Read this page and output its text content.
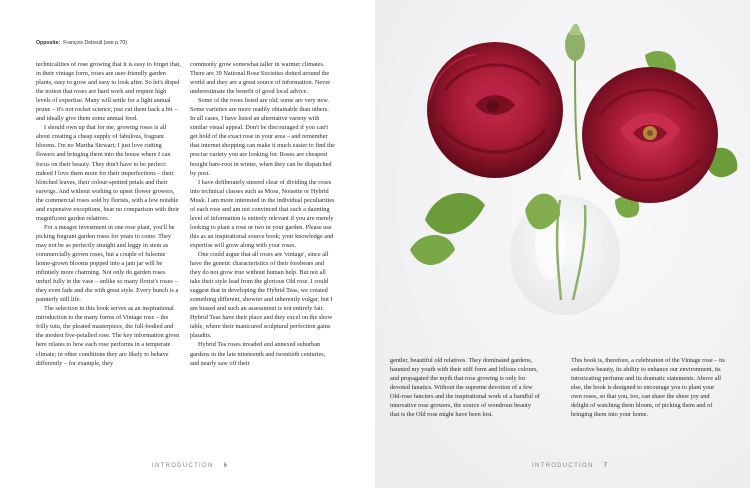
Opposite: François Debeuil (see p.70)

technicalities of rose growing that it is easy to forget that, in their vintage form, roses are user-friendly garden plants, easy to grow and easy to look after. So let's dispel the notion that roses are hard work and require high levels of expertise. Many will settle for a light annual prune – it's not rocket science, just cut them back a bit – and ideally give them some annual feed.

I should own up that for me, growing roses is all about creating a cheap supply of fabulous, fragrant blooms. I'm no Martha Stewart; I just love cutting flowers and bringing them into the house where I can focus on their beauty. They don't have to be perfect: indeed I love them more for their imperfections – their blotched leaves, their colour-spotted petals and their earwigs. And without wishing to upset flower growers, the commercial roses sold by florists, with a few notable and expensive exceptions, bear no comparison with their magnificent garden relatives.

For a meagre investment in one rose plant, you'll be picking fragrant garden roses for years to come. They may not be as perfectly straight and leggy in stem as commercially grown roses, but a couple of fulsome home-grown blooms popped into a jam jar will be infinitely more charming. Not only do garden roses unfurl fully in the vase – unlike so many florist's roses – they even fade and die with great style. Every bunch is a painterly still life.

The selection in this book serves as an inspirational introduction to the many forms of Vintage rose – the frilly tutu, the pleated masterpiece, the full-bodied and the modest five-petalled rose. The key information given here relates to how each rose performs in a temperate climate; in other conditions they are likely to behave differently – for example, they

commonly grow somewhat taller in warmer climates. There are 39 National Rose Societies dotted around the world and they are a great source of information. Never underestimate the benefit of good local advice.

Some of the roses listed are old; some are very new. Some varieties are more readily obtainable than others. In all cases, I have listed an alternative variety with similar visual appeal. Don't be discouraged if you can't get hold of the exact rose in your area – and remember that internet shopping can make it much easier to find the precise variety you are looking for. Roses are cheapest bought bare-root in winter, when they can be dispatched by post.

I have deliberately steered clear of dividing the roses into technical classes such as Moss, Noisette or Hybrid Musk. I am more interested in the individual peculiarities of each rose and am not convinced that such a daunting level of information is entirely relevant if you are merely looking to plant a rose or two in your garden. Please use this as an inspirational source book; your knowledge and expertise will grow along with your roses.

One could argue that all roses are 'vintage', since all have the genetic characteristics of their forebears and they do not grow true without human help. But not all take their style lead from the glorious Old rose. I could suggest that in developing the Hybrid Teas, we created something different, showier and inherently vulgar, but I am biased and such an assessment is not entirely fair. Hybrid Teas have their place and they excel on the show table, where their manicured sculptural perfection gains plaudits.

Hybrid Tea roses invaded and annexed suburban gardens in the late nineteenth and twentieth centuries, and nearly saw off their

INTRODUCTION 6

gentler, beautiful old relatives. They dominated gardens, haunted my youth with their stiff form and bilious colours, and propagated the myth that rose growing is only for devoted fanatics. Without the supreme devotion of a few Old-rose fanciers and the inspirational work of a handful of innovative rose growers, the source of wondrous beauty that is the Old rose might have been lost.

This book is, therefore, a celebration of the Vintage rose – its seductive beauty, its ability to enhance our environment, its intoxicating perfume and its dramatic statements. Above all else, the book is designed to encourage you to plant your own roses, so that you, too, can share the sheer joy and delight of watching them bloom, of picking them and of bringing them into your home.

INTRODUCTION 7
